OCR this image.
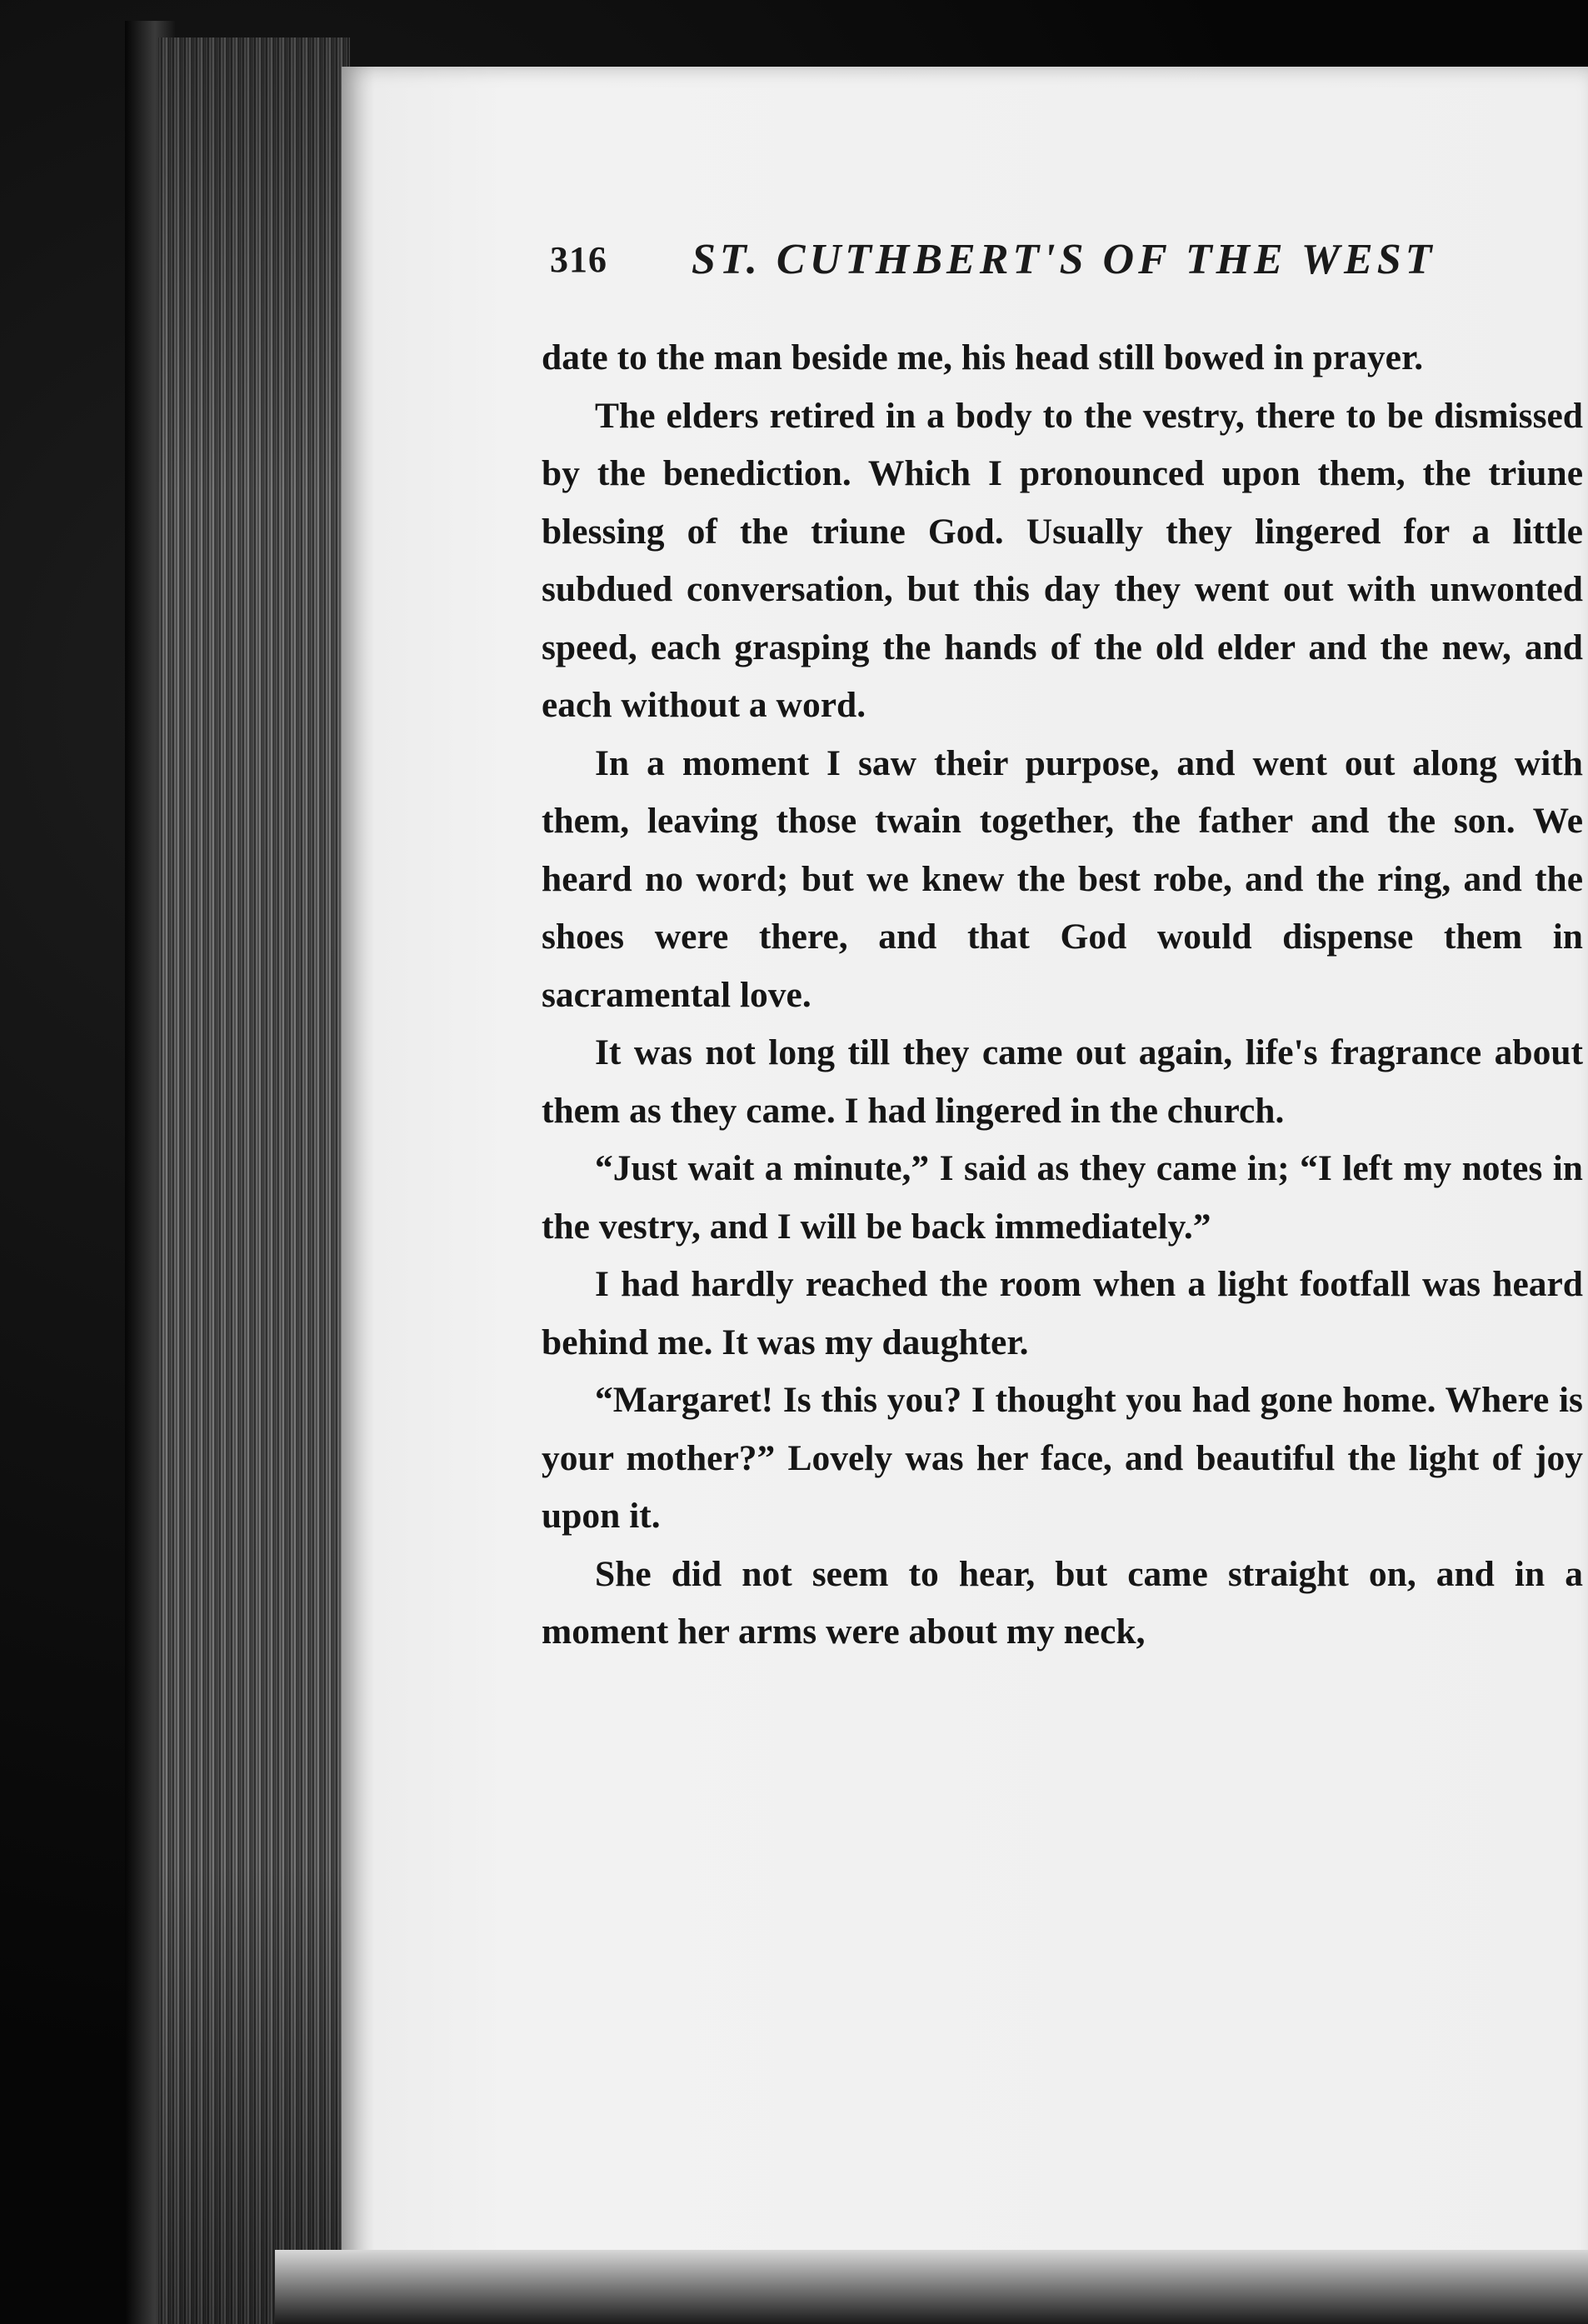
316 ST. CUTHBERT'S OF THE WEST

date to the man beside me, his head still bowed in prayer.

The elders retired in a body to the vestry, there to be dismissed by the benediction. Which I pronounced upon them, the triune blessing of the triune God. Usually they lingered for a little subdued conversation, but this day they went out with unwonted speed, each grasping the hands of the old elder and the new, and each without a word.

In a moment I saw their purpose, and went out along with them, leaving those twain together, the father and the son. We heard no word; but we knew the best robe, and the ring, and the shoes were there, and that God would dispense them in sacramental love.

It was not long till they came out again, life's fragrance about them as they came. I had lingered in the church.

“Just wait a minute,” I said as they came in; “I left my notes in the vestry, and I will be back immediately.”

I had hardly reached the room when a light footfall was heard behind me. It was my daughter.

“Margaret! Is this you? I thought you had gone home. Where is your mother?” Lovely was her face, and beautiful the light of joy upon it.

She did not seem to hear, but came straight on, and in a moment her arms were about my neck,
